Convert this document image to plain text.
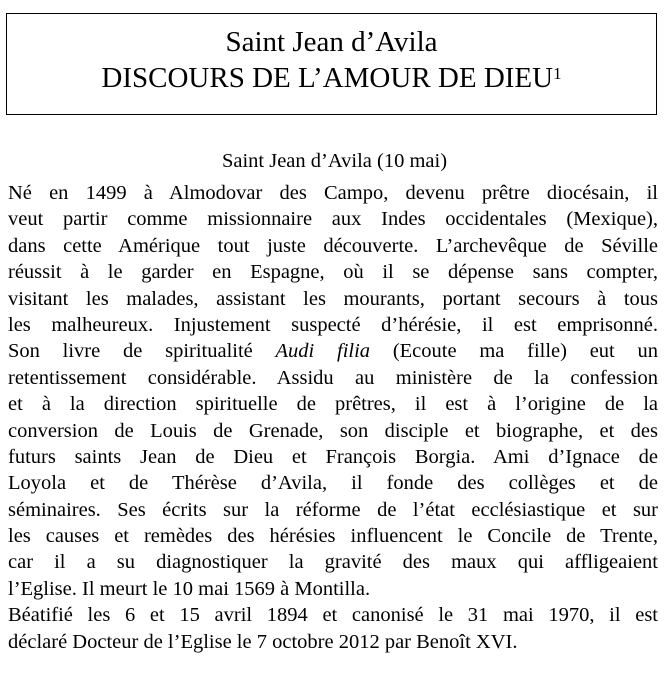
Saint Jean d’Avila
DISCOURS DE L’AMOUR DE DIEU$^1$
Saint Jean d’Avila (10 mai)
Né en 1499 à Almodovar des Campo, devenu prêtre diocésain, il
veut partir comme missionnaire aux Indes occidentales (Mexique),
dans cette Amérique tout juste découverte. L’archevêque de Séville
réussit à le garder en Espagne, où il se dépense sans compter,
visitant les malades, assistant les mourants, portant secours à tous
les malheureux. Injustement suspecté d’hérésie, il est emprisonné.
Son livre de spiritualité Audi filia (Ecoute ma fille) eut un
retentissement considérable. Assidu au ministère de la confession
et à la direction spirituelle de prêtres, il est à l’origine de la
conversion de Louis de Grenade, son disciple et biographe, et des
futurs saints Jean de Dieu et François Borgia. Ami d’Ignace de
Loyola et de Thérèse d’Avila, il fonde des collèges et de
séminaires. Ses écrits sur la réforme de l’état ecclésiastique et sur
les causes et remèdes des hérésies influencent le Concile de Trente,
car il a su diagnostiquer la gravité des maux qui affligeaient
l’Eglise. Il meurt le 10 mai 1569 à Montilla.
Béatifié les 6 et 15 avril 1894 et canonisé le 31 mai 1970, il est
déclaré Docteur de l’Eglise le 7 octobre 2012 par Benoît XVI.
